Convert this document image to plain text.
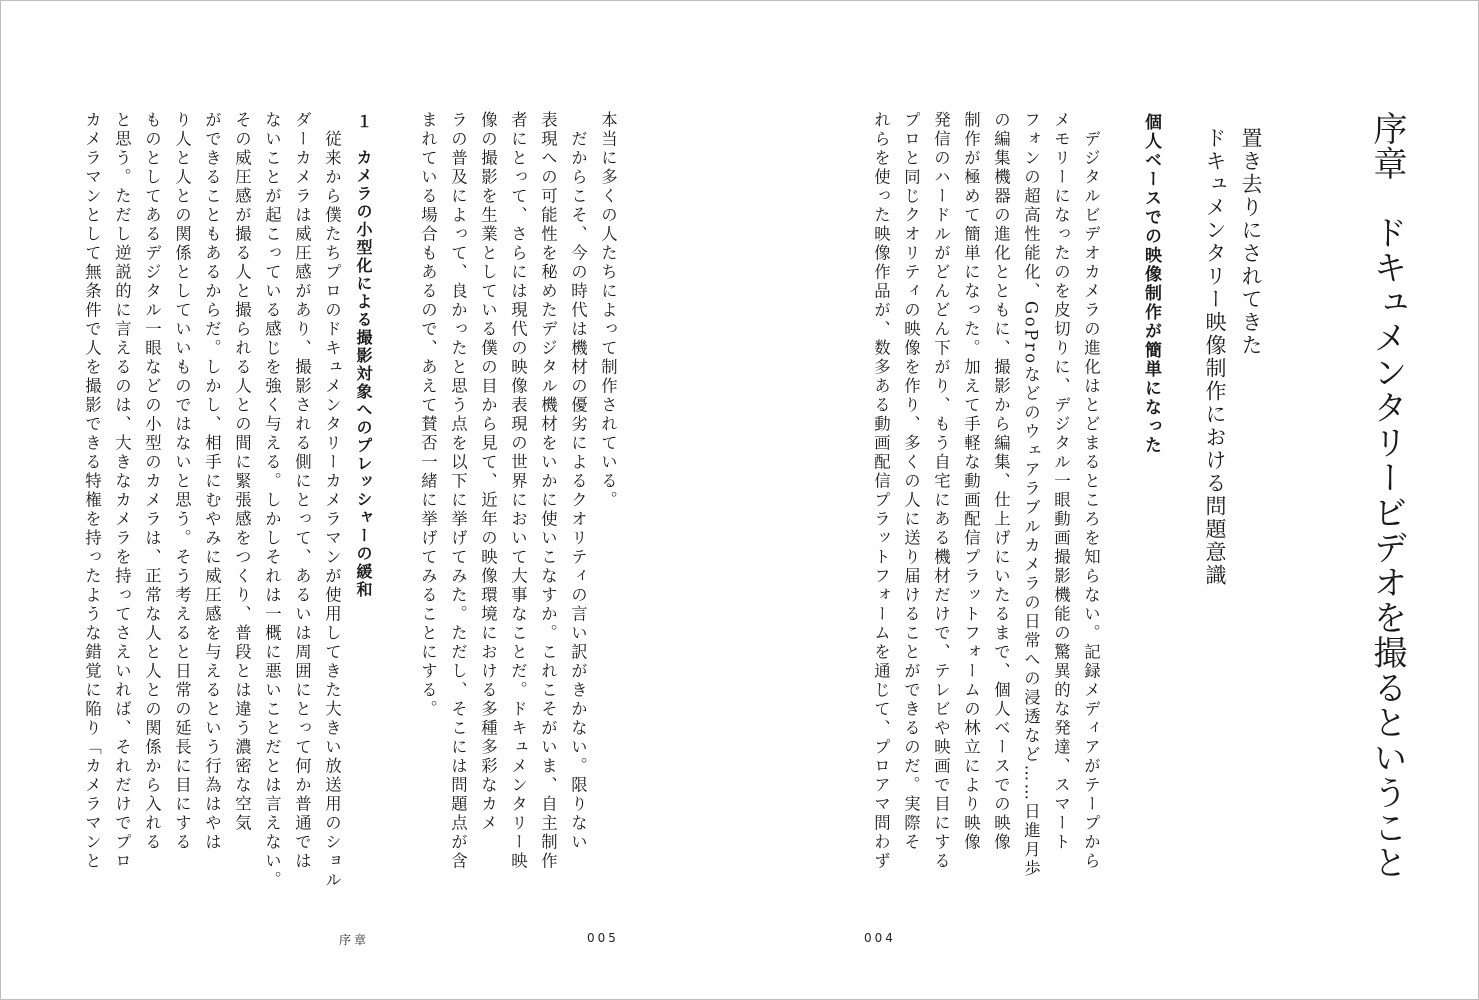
序章ドキュメンタリービデオを撮るということ
置き去りにされてきた
ドキュメンタリー映像制作における問題意識
個人ベースでの映像制作が簡単になった
　デジタルビデオカメラの進化はとどまるところを知らない。記録メディアがテープから
メモリーになったのを皮切りに、デジタル一眼動画撮影機能の驚異的な発達、スマート
フォンの超高性能化、GoProなどのウェアラブルカメラの日常への浸透など……日進月歩
の編集機器の進化とともに、撮影から編集、仕上げにいたるまで、個人ベースでの映像
制作が極めて簡単になった。加えて手軽な動画配信プラットフォームの林立により映像
発信のハードルがどんどん下がり、もう自宅にある機材だけで、テレビや映画で目にする
プロと同じクオリティの映像を作り、多くの人に送り届けることができるのだ。実際そ
れらを使った映像作品が、数多ある動画配信プラットフォームを通じて、プロアマ問わず
本当に多くの人たちによって制作されている。
　だからこそ、今の時代は機材の優劣によるクオリティの言い訳がきかない。限りない
表現への可能性を秘めたデジタル機材をいかに使いこなすか。これこそがいま、自主制作
者にとって、さらには現代の映像表現の世界において大事なことだ。ドキュメンタリー映
像の撮影を生業としている僕の目から見て、近年の映像環境における多種多彩なカメ
ラの普及によって、良かったと思う点を以下に挙げてみた。ただし、そこには問題点が含
まれている場合もあるので、あえて賛否一緒に挙げてみることにする。
１　カメラの小型化による撮影対象へのプレッシャーの緩和
　従来から僕たちプロのドキュメンタリーカメラマンが使用してきた大きい放送用のショル
ダーカメラは威圧感があり、撮影される側にとって、あるいは周囲にとって何か普通では
ないことが起こっている感じを強く与える。しかしそれは一概に悪いことだとは言えない。
その威圧感が撮る人と撮られる人との間に緊張感をつくり、普段とは違う濃密な空気
ができることもあるからだ。しかし、相手にむやみに威圧感を与えるという行為はやは
り人と人との関係としていいものではないと思う。そう考えると日常の延長に目にする
ものとしてあるデジタル一眼などの小型のカメラは、正常な人と人との関係から入れる
と思う。ただし逆説的に言えるのは、大きなカメラを持ってさえいれば、それだけでプロ
カメラマンとして無条件で人を撮影できる特権を持ったような錯覚に陥り「カメラマンと
序章	005	004
